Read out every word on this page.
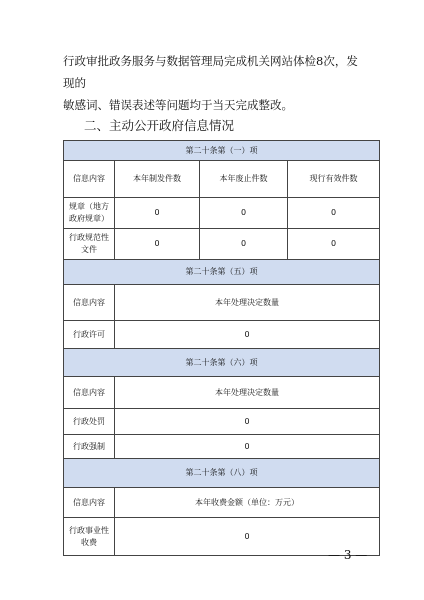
行政审批政务服务与数据管理局完成机关网站体检8次，发现的
敏感词、错误表述等问题均于当天完成整改。
二、主动公开政府信息情况
第二十条第（一）项			
信息内容	本年制发件数	本年废止件数	现行有效件数
规章（地方政府规章）	0	0	0
行政规范性文件	0	0	0
第二十条第（五）项			
信息内容	本年处理决定数量		
行政许可	0		
第二十条第（六）项			
信息内容	本年处理决定数量		
行政处罚	0		
行政强制	0		
第二十条第（八）项			
信息内容	本年收费金额（单位：万元）		
行政事业性收费	0		
— 3 —
